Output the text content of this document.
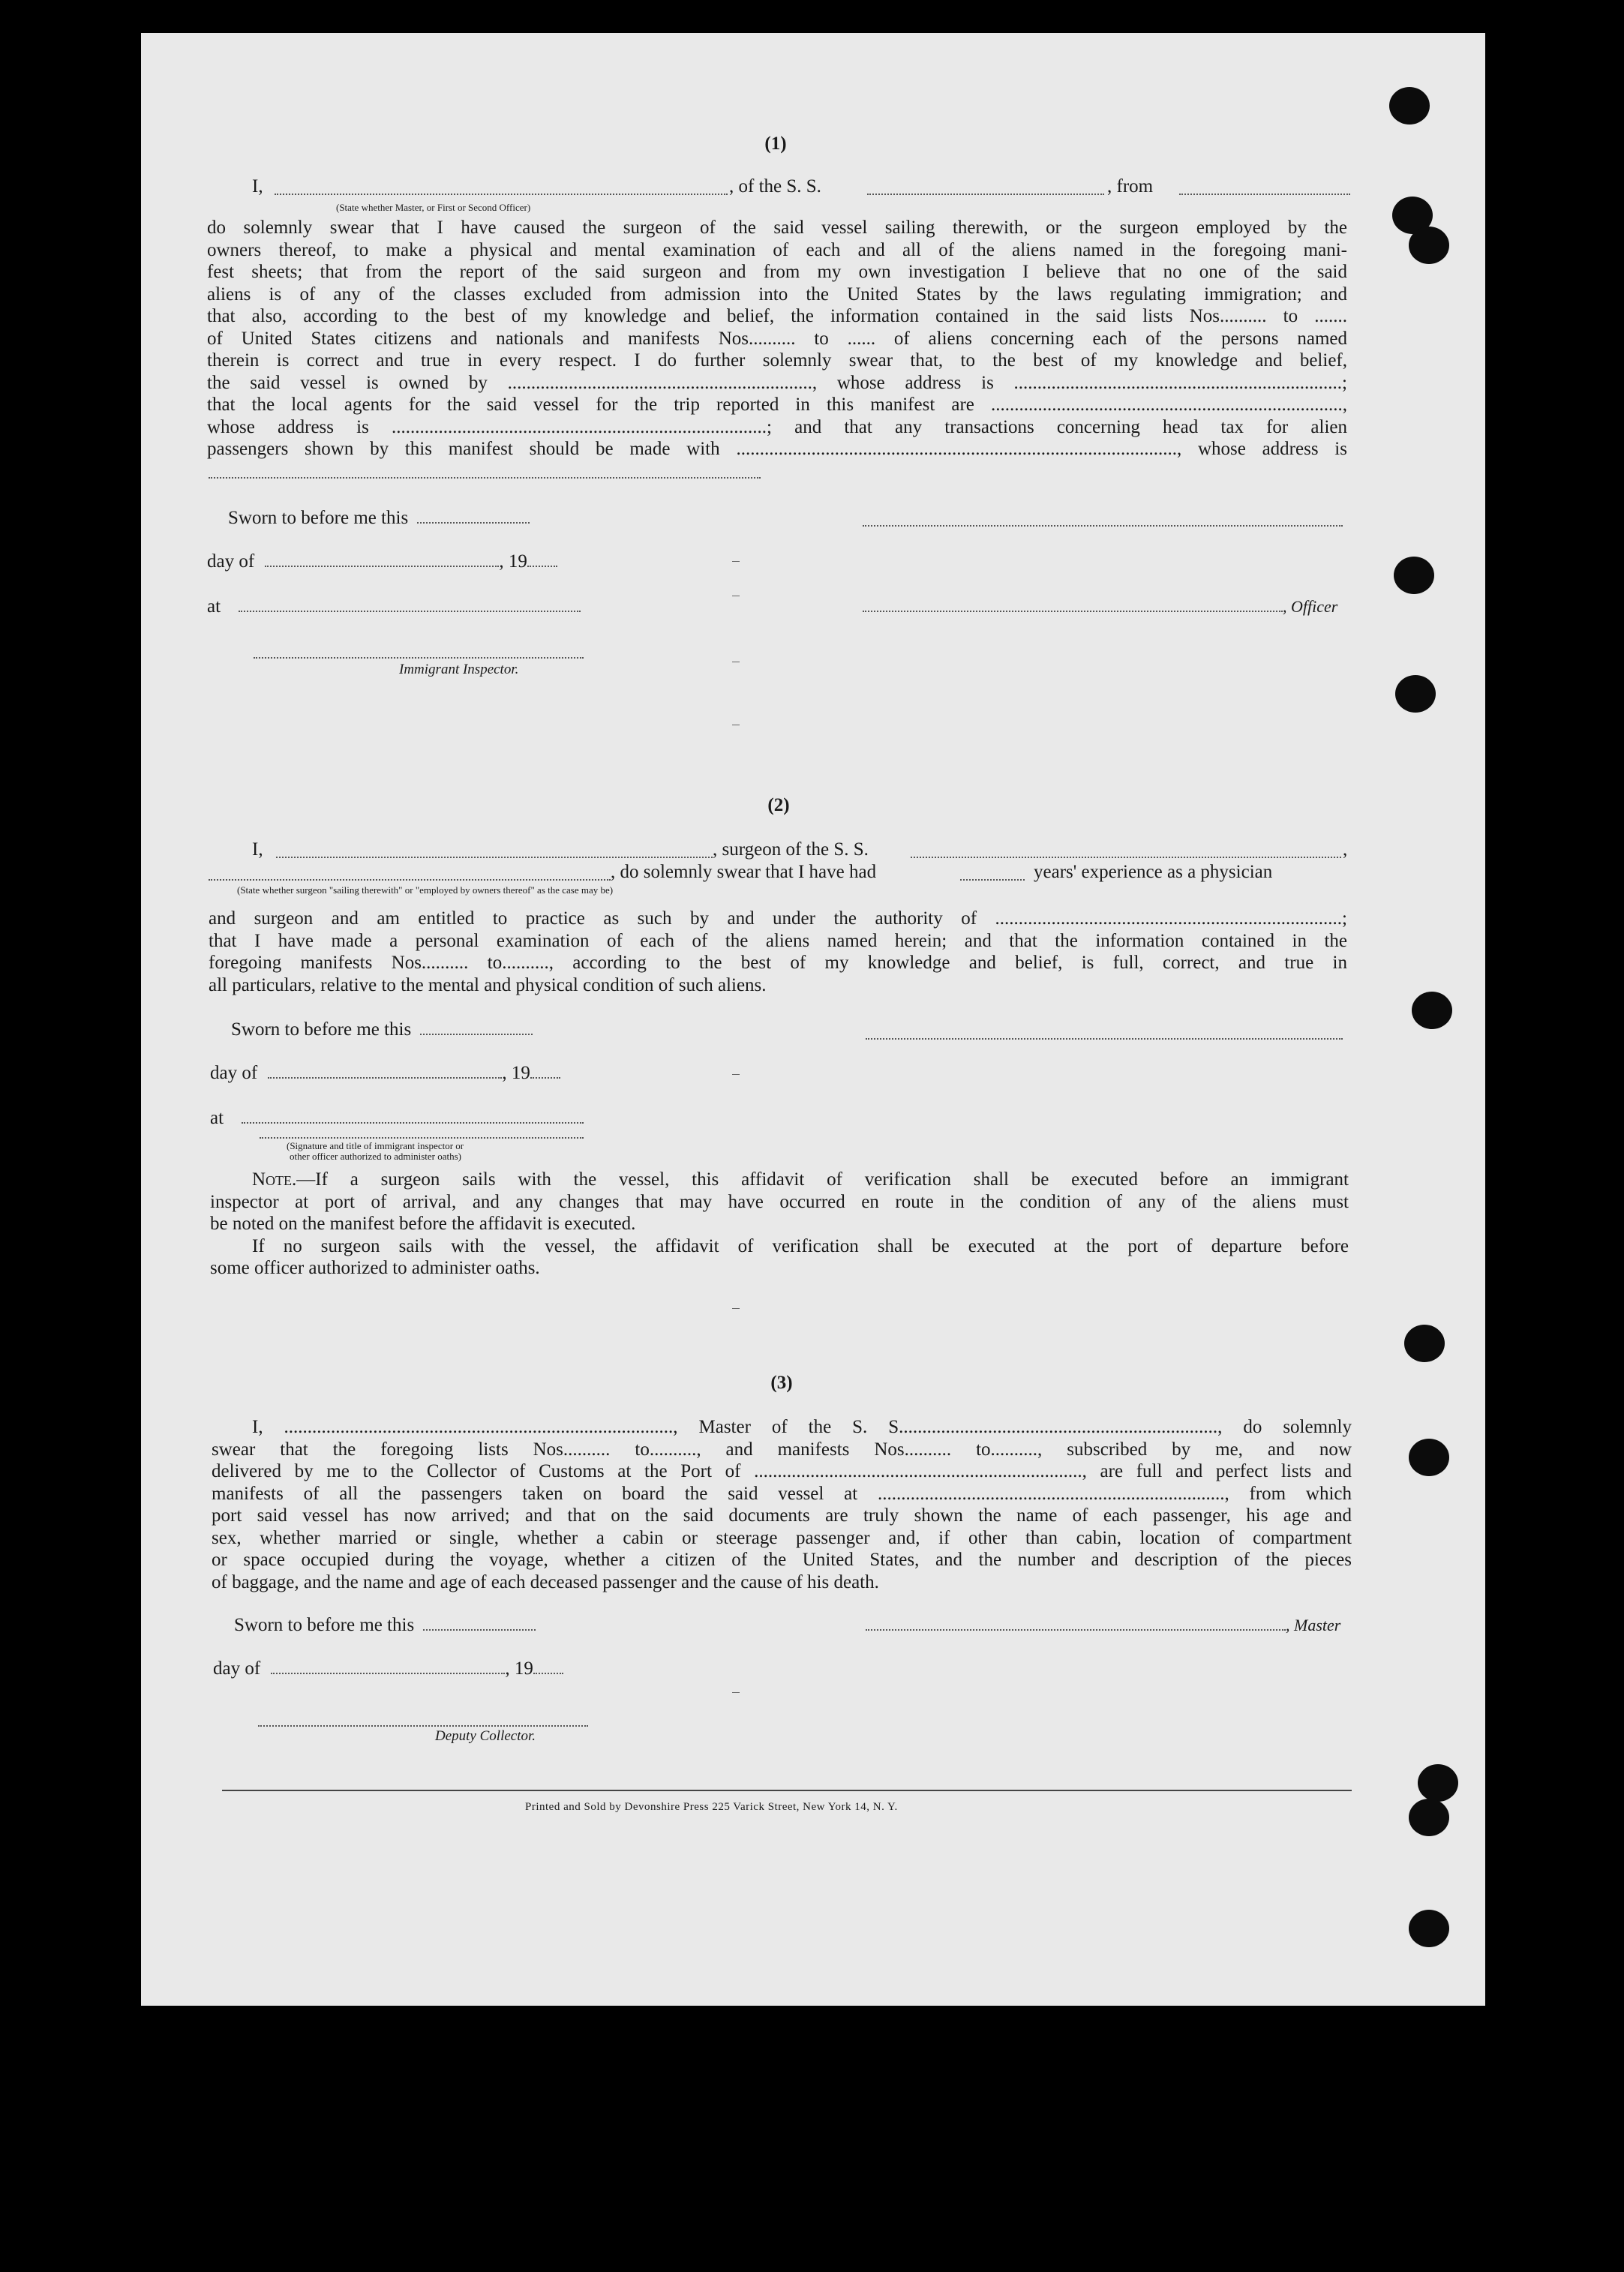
(1)
I,	, of the S. S.	, from
(State whether Master, or First or Second Officer)
do solemnly swear that I have caused the surgeon of the said vessel sailing therewith, or the surgeon employed by the
owners thereof, to make a physical and mental examination of each and all of the aliens named in the foregoing mani-
fest sheets; that from the report of the said surgeon and from my own investigation I believe that no one of the said
aliens is of any of the classes excluded from admission into the United States by the laws regulating immigration; and
that also, according to the best of my knowledge and belief, the information contained in the said lists Nos.......... to .......
of United States citizens and nationals and manifests Nos.......... to ...... of aliens concerning each of the persons named
therein is correct and true in every respect. I do further solemnly swear that, to the best of my knowledge and belief,
the said vessel is owned by ................................................................., whose address is ......................................................................;
that the local agents for the said vessel for the trip reported in this manifest are ...........................................................................,
whose address is ................................................................................; and that any transactions concerning head tax for alien
passengers shown by this manifest should be made with .............................................................................................., whose address is
Sworn to before me this
day of	, 19
at	, Officer
Immigrant Inspector.
(2)
I,	, surgeon of the S. S.	,
, do solemnly swear that I have had	years' experience as a physician
(State whether surgeon "sailing therewith" or "employed by owners thereof" as the case may be)
and surgeon and am entitled to practice as such by and under the authority of ..........................................................................;
that I have made a personal examination of each of the aliens named herein; and that the information contained in the
foregoing manifests Nos.......... to.........., according to the best of my knowledge and belief, is full, correct, and true in
all particulars, relative to the mental and physical condition of such aliens.
Sworn to before me this
day of	, 19
at
(Signature and title of immigrant inspector or
other officer authorized to administer oaths)
Note.—If a surgeon sails with the vessel, this affidavit of verification shall be executed before an immigrant
inspector at port of arrival, and any changes that may have occurred en route in the condition of any of the aliens must
be noted on the manifest before the affidavit is executed.
If no surgeon sails with the vessel, the affidavit of verification shall be executed at the port of departure before
some officer authorized to administer oaths.
(3)
I, ..................................................................................., Master of the S. S...................................................................., do solemnly
swear that the foregoing lists Nos.......... to.........., and manifests Nos.......... to.........., subscribed by me, and now
delivered by me to the Collector of Customs at the Port of ......................................................................, are full and perfect lists and
manifests of all the passengers taken on board the said vessel at .........................................................................., from which
port said vessel has now arrived; and that on the said documents are truly shown the name of each passenger, his age and
sex, whether married or single, whether a cabin or steerage passenger and, if other than cabin, location of compartment
or space occupied during the voyage, whether a citizen of the United States, and the number and description of the pieces
of baggage, and the name and age of each deceased passenger and the cause of his death.
Sworn to before me this	, Master
day of	, 19
Deputy Collector.
Printed and Sold by Devonshire Press 225 Varick Street, New York 14, N. Y.
